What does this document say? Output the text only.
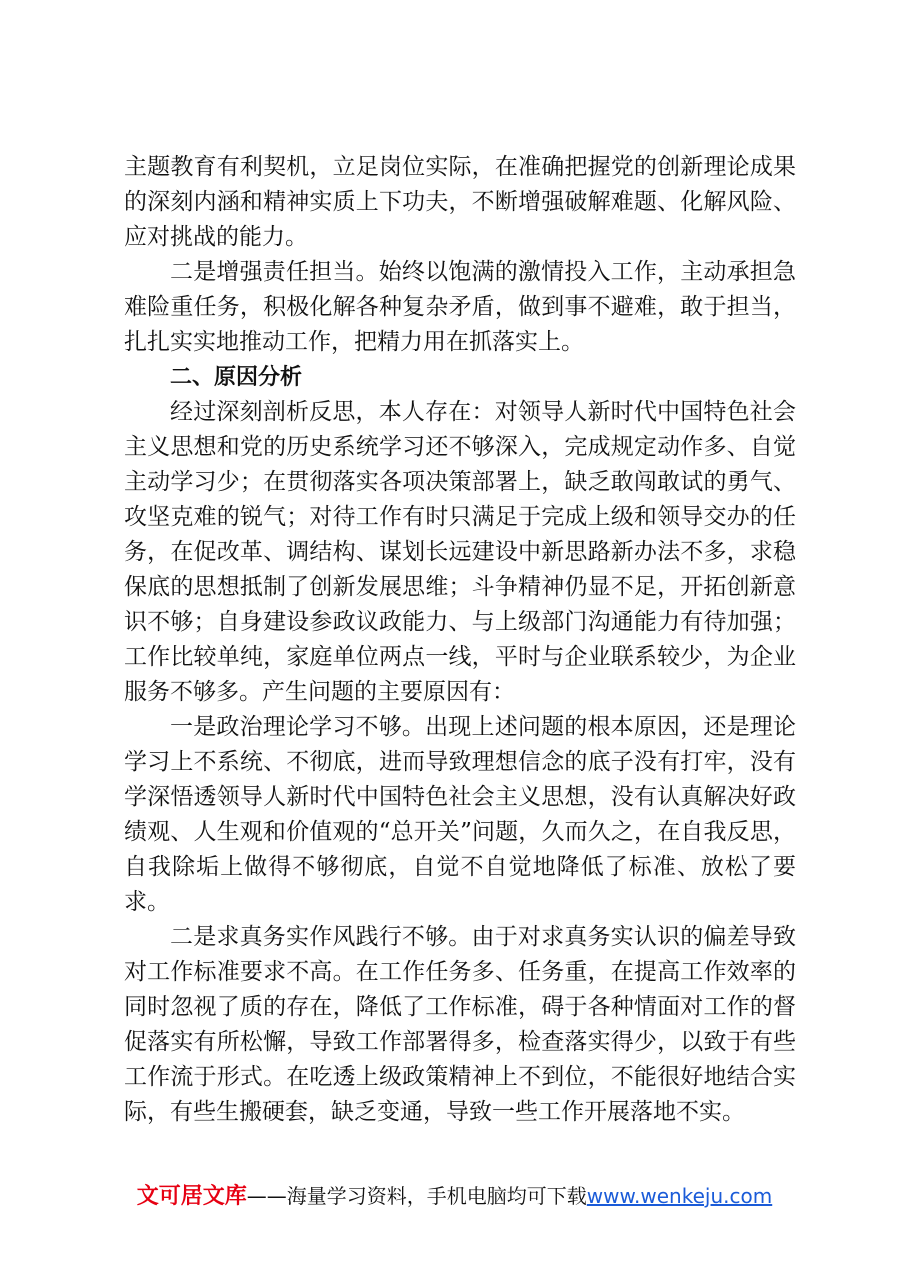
主题教育有利契机，立足岗位实际，在准确把握党的创新理论成果的深刻内涵和精神实质上下功夫，不断增强破解难题、化解风险、应对挑战的能力。

二是增强责任担当。始终以饱满的激情投入工作，主动承担急难险重任务，积极化解各种复杂矛盾，做到事不避难，敢于担当，扎扎实实地推动工作，把精力用在抓落实上。

二、原因分析

经过深刻剖析反思，本人存在：对领导人新时代中国特色社会主义思想和党的历史系统学习还不够深入，完成规定动作多、自觉主动学习少；在贯彻落实各项决策部署上，缺乏敢闯敢试的勇气、攻坚克难的锐气；对待工作有时只满足于完成上级和领导交办的任务，在促改革、调结构、谋划长远建设中新思路新办法不多，求稳保底的思想抵制了创新发展思维；斗争精神仍显不足，开拓创新意识不够；自身建设参政议政能力、与上级部门沟通能力有待加强；工作比较单纯，家庭单位两点一线，平时与企业联系较少，为企业服务不够多。产生问题的主要原因有：

一是政治理论学习不够。出现上述问题的根本原因，还是理论学习上不系统、不彻底，进而导致理想信念的底子没有打牢，没有学深悟透领导人新时代中国特色社会主义思想，没有认真解决好政绩观、人生观和价值观的“总开关”问题，久而久之，在自我反思，自我除垢上做得不够彻底，自觉不自觉地降低了标准、放松了要求。

二是求真务实作风践行不够。由于对求真务实认识的偏差导致对工作标准要求不高。在工作任务多、任务重，在提高工作效率的同时忽视了质的存在，降低了工作标准，碍于各种情面对工作的督促落实有所松懈，导致工作部署得多，检查落实得少，以致于有些工作流于形式。在吃透上级政策精神上不到位，不能很好地结合实际，有些生搬硬套，缺乏变通，导致一些工作开展落地不实。

文可居文库——海量学习资料，手机电脑均可下载www.wenkeju.com
